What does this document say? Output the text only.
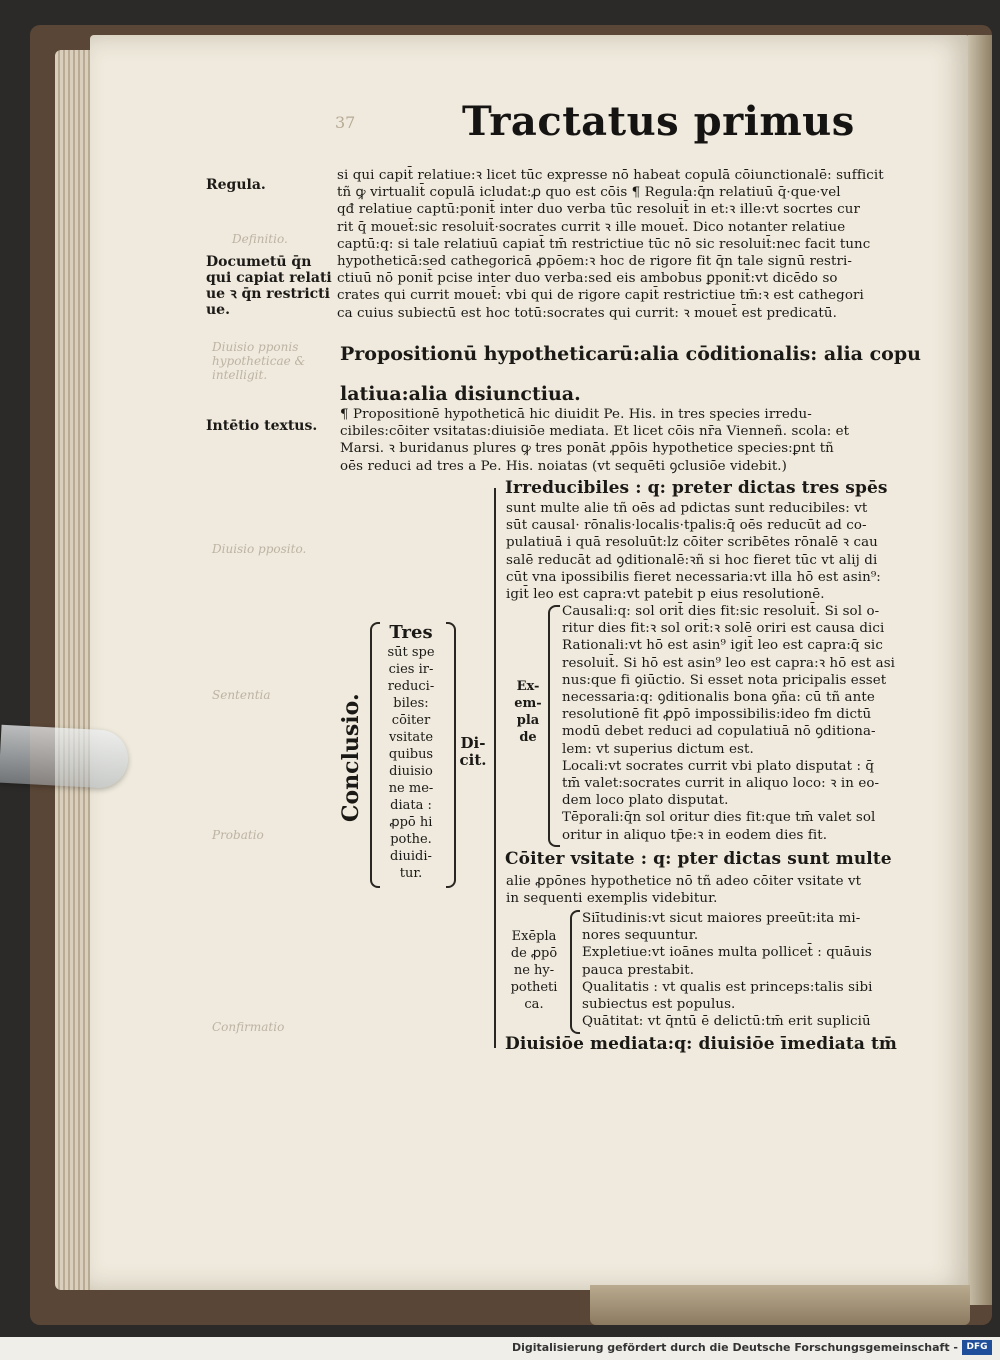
37	Tractatus primus
Definitio.
Diuisio pponis hypotheticae & intelligit.
Diuisio pposito.
Sententia
Probatio
Confirmatio
Regula.
Documetū q̄n
qui capiat relati
ue ꝛ q̄n restricti
ue.
Intētio textus.
si qui capit̄ relatiue:ꝛ licet tūc expresse nō habeat copulā cōiunctionalē: sufficit
tñ ꝙ virtualit̄ copulā icludat:ꝓ quo est cōis ¶ Regula:q̄n relatiuū q̄·que·vel
qđ relatiue captū:ponit̄ inter duo verba tūc resoluit̄ in et:ꝛ ille:vt socrtes cur
rit q̄ mouet̄:sic resoluit̄·socrates currit ꝛ ille mouet̄. Dico notanter relatiue
captū:q: si tale relatiuū capiat̄ tm̄ restrictiue tūc nō sic resoluit̄:nec facit tunc
hypotheticā:sed cathegoricā ꝓpōem:ꝛ hoc de rigore fit q̄n tale signū restri-
ctiuū nō ponit̄ pcise inter duo verba:sed eis ambobus ꝑponit̄:vt dicēdo so
crates qui currit mouet̄: vbi qui de rigore capit̄ restrictiue tm̄:ꝛ est cathegori
ca cuius subiectū est hoc totū:socrates qui currit: ꝛ mouet̄ est predicatū.
Propositionū hypotheticarū:alia cōditionalis: alia copu
latiua:alia disiunctiua.
¶ Propositionē hypotheticā hic diuidit Pe. His. in tres species irredu-
cibiles:cōiter vsitatas:diuisiōe mediata. Et licet cōis nr̄a Vienneñ. scola: et
Marsi. ꝛ buridanus plures ꝙ tres ponāt ꝓpōis hypothetice species:ꝑnt tñ
oēs reduci ad tres a Pe. His. noiatas (vt sequēti ꝯclusiōe videbit.)
Irreducibiles : q: preter dictas tres spēs
sunt multe alie tñ oēs ad pdictas sunt reducibiles: vt
sūt causal· rōnalis·localis·tpalis:q̄ oēs reducūt ad co-
pulatiuā i quā resoluūt:lz cōiter scribētes rōnalē ꝛ cau
salē reducāt ad ꝯditionalē:ꝛñ si hoc fieret tūc vt alij di
cūt vna ipossibilis fieret necessaria:vt illa hō est asin⁹:
igit̄ leo est capra:vt patebit p eius resolutionē.
Ex-
em-
pla
de
Causali:q: sol orit̄ dies fit:sic resoluit̄. Si sol o-
ritur dies fit:ꝛ sol orit̄:ꝛ solē oriri est causa dici
Rationali:vt hō est asin⁹ igit̄ leo est capra:q̄ sic
resoluit̄. Si hō est asin⁹ leo est capra:ꝛ hō est asi
nus:que fi ꝯiūctio. Si esset nota pricipalis esset
necessaria:q: ꝯditionalis bona ꝯña: cū tñ ante
resolutionē fit ꝓpō impossibilis:ideo fm dictū
modū debet reduci ad copulatiuā nō ꝯditiona-
lem: vt superius dictum est.
Locali:vt socrates currit vbi plato disputat : q̄
tm̄ valet:socrates currit in aliquo loco: ꝛ in eo-
dem loco plato disputat.
Tēporali:q̄n sol oritur dies fit:que tm̄ valet sol
oritur in aliquo tp̄e:ꝛ in eodem dies fit.
Tres
sūt spe
cies ir-
reduci-
biles:
cōiter
vsitate
quibus
diuisio
ne me-
diata :
ꝓpō hi
pothe.
diuidi-
tur.
Di-
cit.
Conclusio.
Cōiter vsitate : q: pter dictas sunt multe
alie ꝓpōnes hypothetice nō tñ adeo cōiter vsitate vt
in sequenti exemplis videbitur.
Exēpla
de ꝓpō
ne hy-
potheti
ca.
Siītudinis:vt sicut maiores preeūt:ita mi-
nores sequuntur.
Expletiue:vt ioānes multa pollicet̄ : quāuis
pauca prestabit.
Qualitatis : vt qualis est princeps:talis sibi
subiectus est populus.
Quātitat: vt q̄ntū ē delictū:tm̄ erit supliciū
Diuisiōe mediata:q: diuisiōe īmediata tm̄
Digitalisierung gefördert durch die Deutsche Forschungsgemeinschaft - DFG
